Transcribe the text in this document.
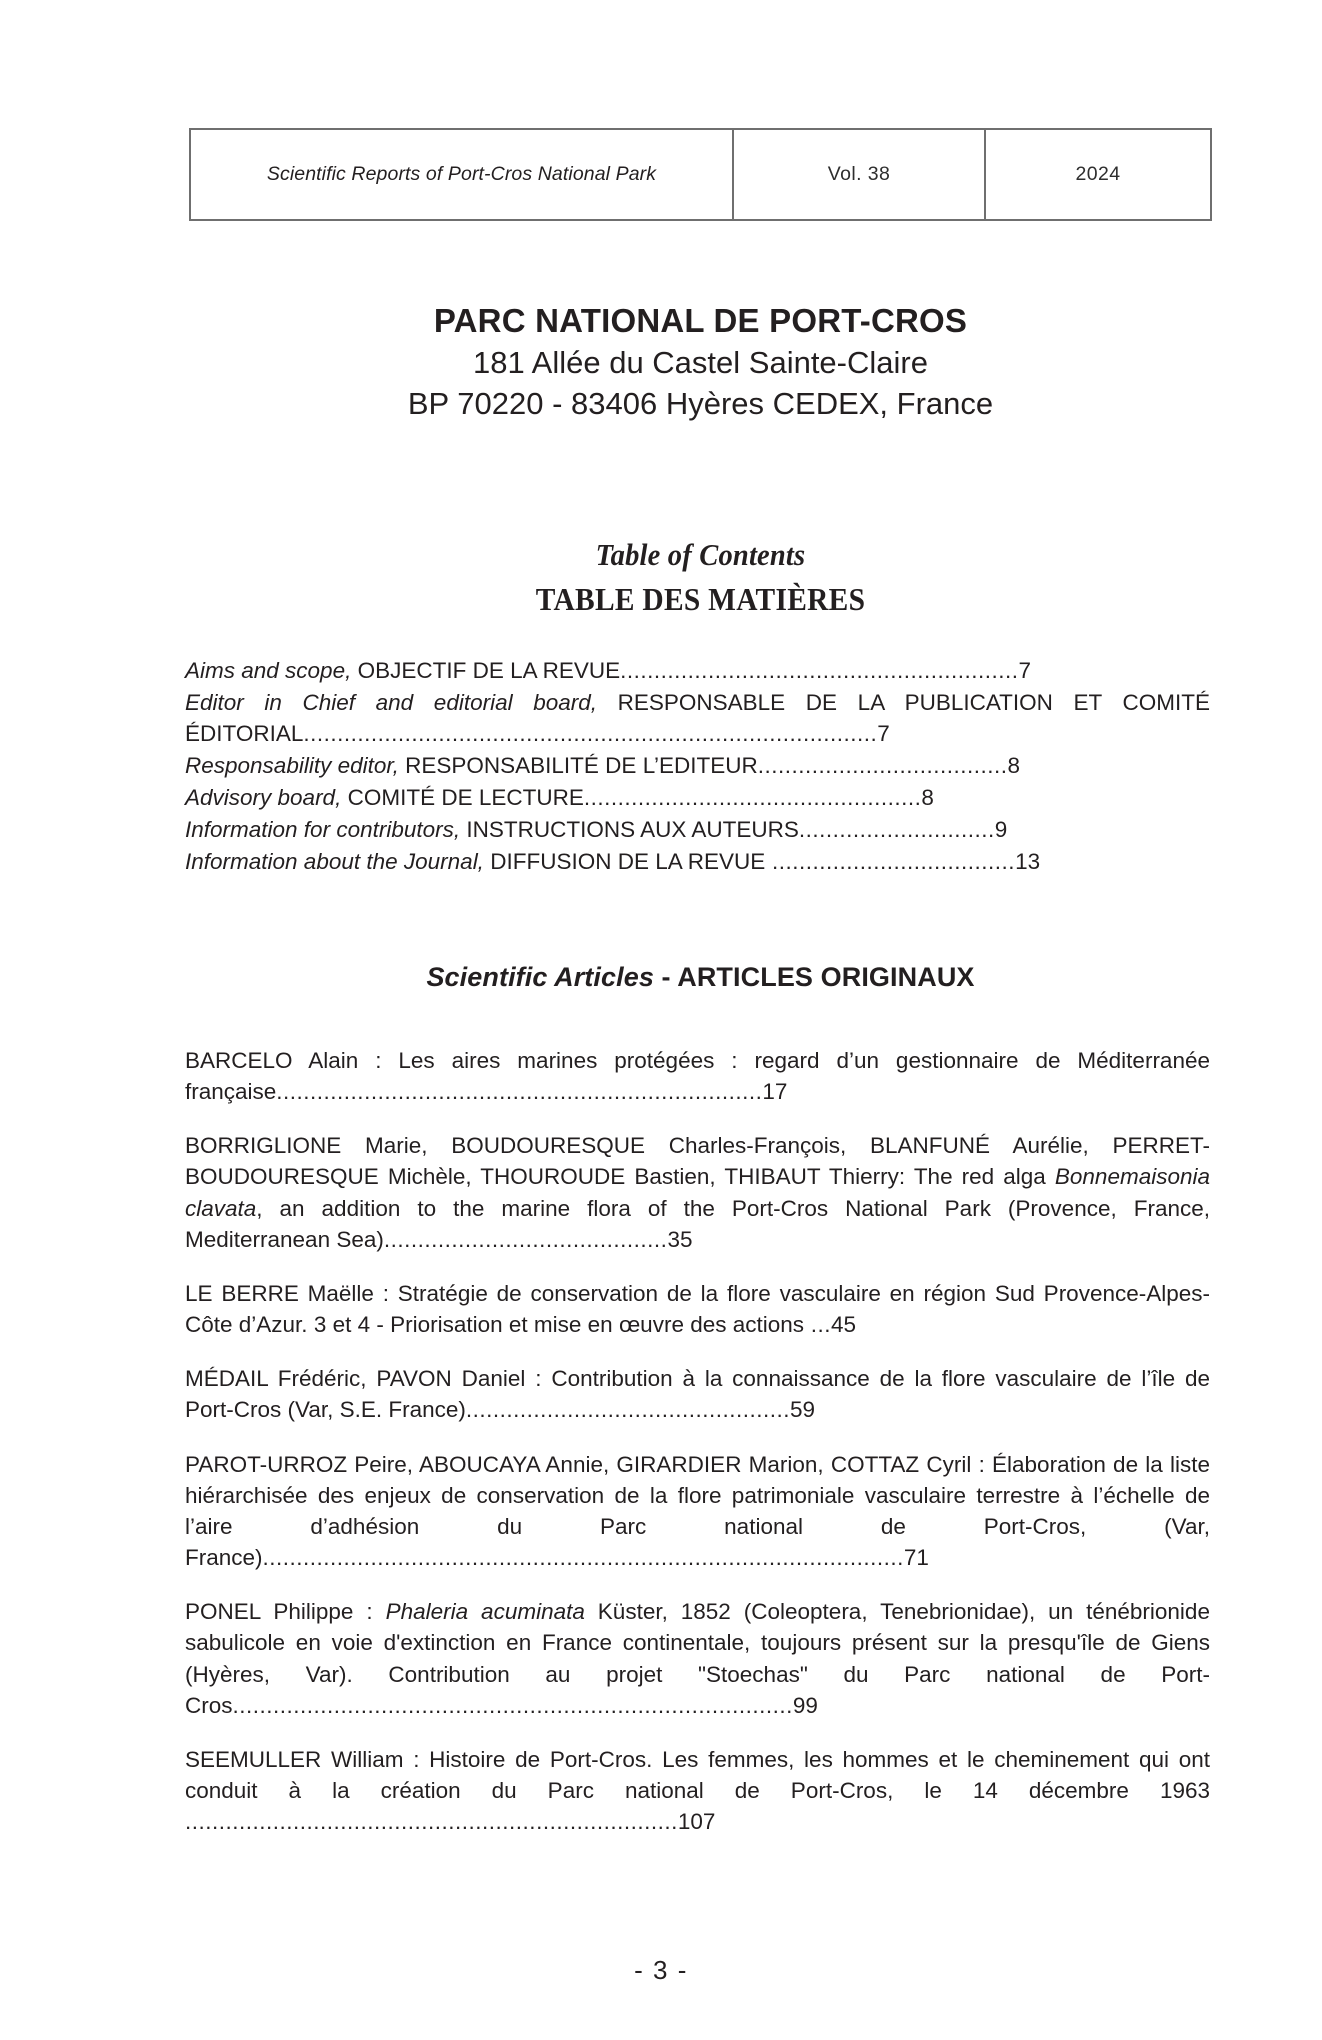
Scientific Reports of Port-Cros National Park	Vol. 38	2024
PARC NATIONAL DE PORT-CROS
181 Allée du Castel Sainte-Claire
BP 70220 - 83406 Hyères CEDEX, France
Table of Contents
TABLE DES MATIÈRES

Aims and scope, OBJECTIF DE LA REVUE...........................................................7

Editor in Chief and editorial board, RESPONSABLE DE LA PUBLICATION ET COMITÉ ÉDITORIAL.....................................................................................7

Responsability editor, RESPONSABILITÉ DE L’EDITEUR.....................................8

Advisory board, COMITÉ DE LECTURE..................................................8

Information for contributors, INSTRUCTIONS AUX AUTEURS.............................9

Information about the Journal, DIFFUSION DE LA REVUE ....................................13

Scientific Articles - ARTICLES ORIGINAUX

BARCELO Alain : Les aires marines protégées : regard d’un gestionnaire de Méditerranée française........................................................................17

BORRIGLIONE Marie, BOUDOURESQUE Charles-François, BLANFUNÉ Aurélie, PERRET-BOUDOURESQUE Michèle, THOUROUDE Bastien, THIBAUT Thierry: The red alga Bonnemaisonia clavata, an addition to the marine flora of the Port-Cros National Park (Provence, France, Mediterranean Sea)..........................................35

LE BERRE Maëlle : Stratégie de conservation de la flore vasculaire en région Sud Provence-Alpes-Côte d’Azur. 3 et 4 - Priorisation et mise en œuvre des actions ...45

MÉDAIL Frédéric, PAVON Daniel : Contribution à la connaissance de la flore vasculaire de l’île de Port-Cros (Var, S.E. France)................................................59

PAROT-URROZ Peire, ABOUCAYA Annie, GIRARDIER Marion, COTTAZ Cyril : Élaboration de la liste hiérarchisée des enjeux de conservation de la flore patrimoniale vasculaire terrestre à l’échelle de l’aire d’adhésion du Parc national de Port-Cros, (Var, France)...............................................................................................71

PONEL Philippe : Phaleria acuminata Küster, 1852 (Coleoptera, Tenebrionidae), un ténébrionide sabulicole en voie d'extinction en France continentale, toujours présent sur la presqu'île de Giens (Hyères, Var). Contribution au projet "Stoechas" du Parc national de Port-Cros...................................................................................99

SEEMULLER William : Histoire de Port-Cros. Les femmes, les hommes et le cheminement qui ont conduit à la création du Parc national de Port-Cros, le 14 décembre 1963 .........................................................................107

- 3 -
